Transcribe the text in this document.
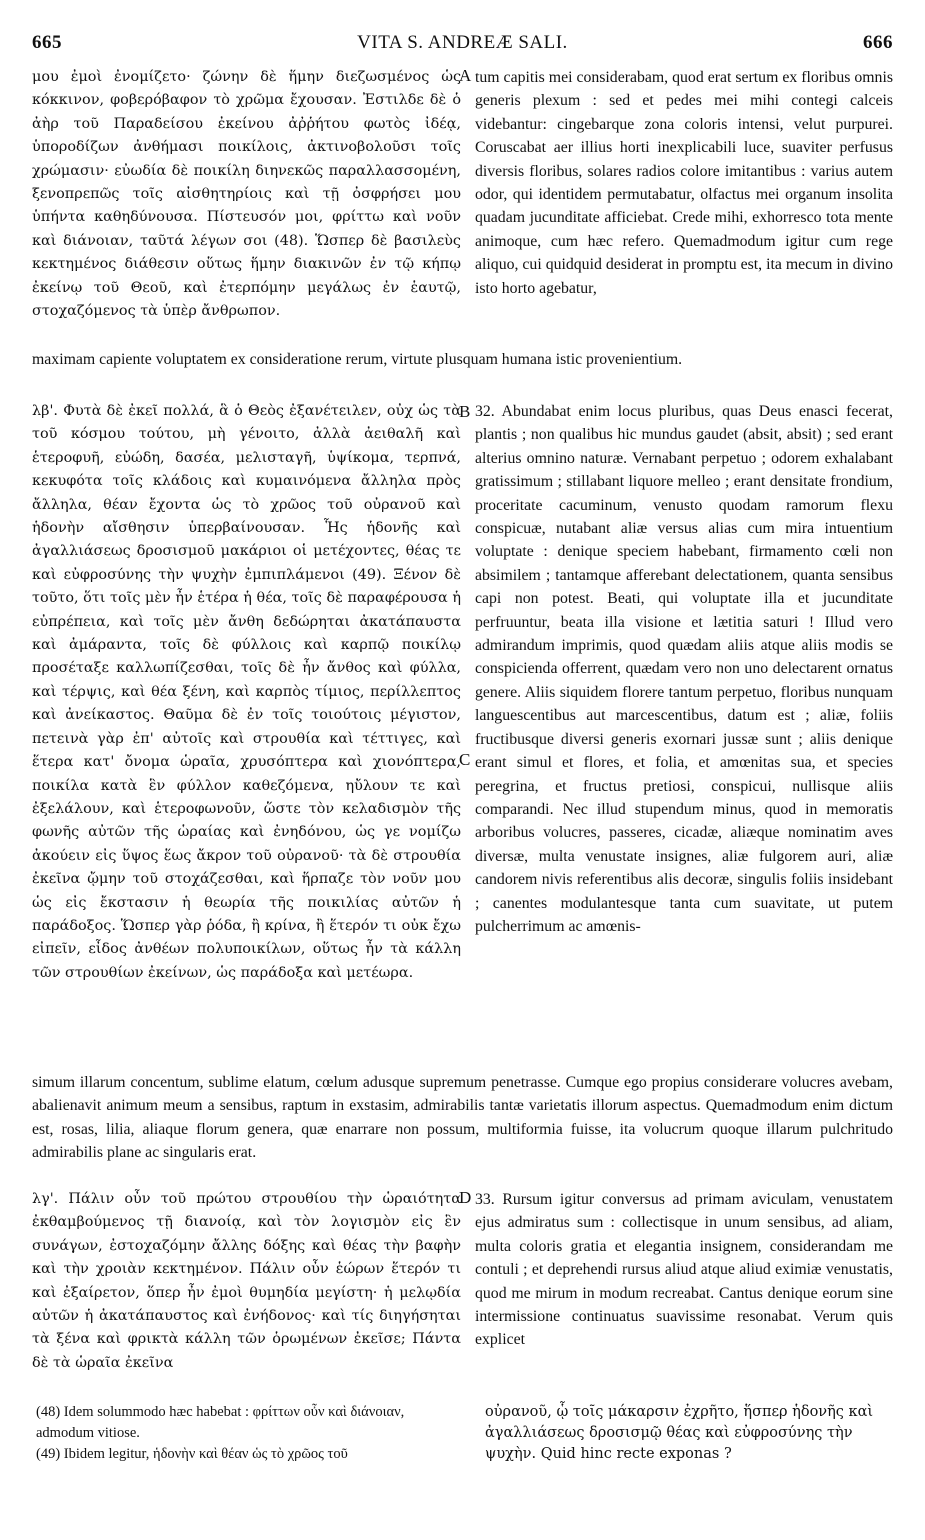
665	VITA S. ANDREÆ SALI.	666

μου ἐμοὶ ἐνομίζετο· ζώνην δὲ ἥμην διεζωσμένος ὡς κόκκινον, φοβερόβαφον τὸ χρῶμα ἔχουσαν. Ἐστιλδε δὲ ὁ ἀὴρ τοῦ Παραδείσου ἐκείνου ἀῤῥήτου φωτὸς ἰδέᾳ, ὑποροδίζων ἀνθήμασι ποικίλοις, ἀκτινοβολοῦσι τοῖς χρώμασιν· εὐωδία δὲ ποικίλη διηνεκῶς παραλλασσομένη, ξενοπρεπῶς τοῖς αἰσθητηρίοις καὶ τῇ ὀσφρήσει μου ὑπήντα καθηδύνουσα. Πίστευσόν μοι, φρίττω καὶ νοῦν καὶ διάνοιαν, ταῦτά λέγων σοι (48). Ὥσπερ δὲ βασιλεὺς κεκτημένος διάθεσιν οὕτως ἥμην διακινῶν ἐν τῷ κήπῳ ἐκείνῳ τοῦ Θεοῦ, καὶ ἐτερπόμην μεγάλως ἐν ἑαυτῷ, στοχαζόμενος τὰ ὑπὲρ ἄνθρωπον.

A tum capitis mei considerabam, quod erat sertum ex floribus omnis generis plexum : sed et pedes mei mihi contegi calceis videbantur: cingebarque zona coloris intensi, velut purpurei. Coruscabat aer illius horti inexplicabili luce, suaviter perfusus diversis floribus, solares radios colore imitantibus : varius autem odor, qui identidem permutabatur, olfactus mei organum insolita quadam jucunditate afficiebat. Crede mihi, exhorresco tota mente animoque, cum hæc refero. Quemadmodum igitur cum rege aliquo, cui quidquid desiderat in promptu est, ita mecum in divino isto horto agebatur,

maximam capiente voluptatem ex consideratione rerum, virtute plusquam humana istic provenientium.

λβ'. Φυτὰ δὲ ἐκεῖ πολλά, ἃ ὁ Θεὸς ἐξανέτειλεν, οὐχ ὡς τὰ τοῦ κόσμου τούτου, μὴ γένοιτο, ἀλλὰ ἀειθαλῆ καὶ ἑτεροφυῆ, εὐώδη, δασέα, μελισταγῆ, ὑψίκομα, τερπνά, κεκυφότα τοῖς κλάδοις καὶ κυμαινόμενα ἄλληλα πρὸς ἄλληλα, θέαν ἔχοντα ὡς τὸ χρῶος τοῦ οὐρανοῦ καὶ ἡδονὴν αἴσθησιν ὑπερβαίνουσαν. Ἧς ἡδονῆς καὶ ἀγαλλιάσεως δροσισμοῦ μακάριοι οἱ μετέχοντες, θέας τε καὶ εὐφροσύνης τὴν ψυχὴν ἐμπιπλάμενοι (49). Ξένον δὲ τοῦτο, ὅτι τοῖς μὲν ἦν ἑτέρα ἡ θέα, τοῖς δὲ παραφέρουσα ἡ εὐπρέπεια, καὶ τοῖς μὲν ἄνθη δεδώρηται ἀκατάπαυστα καὶ ἀμάραντα, τοῖς δὲ φύλλοις καὶ καρπῷ ποικίλῳ προσέταξε καλλωπίζεσθαι, τοῖς δὲ ἦν ἄνθος καὶ φύλλα, καὶ τέρψις, καὶ θέα ξένη, καὶ καρπὸς τίμιος, περίλλεπτος καὶ ἀνείκαστος. Θαῦμα δὲ ἐν τοῖς τοιούτοις μέγιστον, πετεινὰ γὰρ ἐπ' αὐτοῖς καὶ στρουθία καὶ τέττιγες, καὶ ἕτερα κατ' ὄνομα ὡραῖα, χρυσόπτερα καὶ χιονόπτερα, ποικίλα κατὰ ἓν φύλλον καθεζόμενα, ηὔλουν τε καὶ ἐξελάλουν, καὶ ἑτεροφωνοῦν, ὥστε τὸν κελαδισμὸν τῆς φωνῆς αὐτῶν τῆς ὡραίας καὶ ἐνηδόνου, ὡς γε νομίζω ἀκούειν εἰς ὕψος ἕως ἄκρον τοῦ οὐρανοῦ· τὰ δὲ στρουθία ἐκεῖνα ᾤμην τοῦ στοχάζεσθαι, καὶ ἥρπαζε τὸν νοῦν μου ὡς εἰς ἔκστασιν ἡ θεωρία τῆς ποικιλίας αὐτῶν ἡ παράδοξος. Ὥσπερ γὰρ ῥόδα, ἢ κρίνα, ἢ ἕτερόν τι οὐκ ἔχω εἰπεῖν, εἶδος ἀνθέων πολυποικίλων, οὕτως ἦν τὰ κάλλη τῶν στρουθίων ἐκείνων, ὡς παράδοξα καὶ μετέωρα.

B
C

32. Abundabat enim locus pluribus, quas Deus enasci fecerat, plantis ; non qualibus hic mundus gaudet (absit, absit) ; sed erant alterius omnino naturæ. Vernabant perpetuo ; odorem exhalabant gratissimum ; stillabant liquore melleo ; erant densitate frondium, proceritate cacuminum, venusto quodam ramorum flexu conspicuæ, nutabant aliæ versus alias cum mira intuentium voluptate : denique speciem habebant, firmamento cœli non absimilem ; tantamque afferebant delectationem, quanta sensibus capi non potest. Beati, qui voluptate illa et jucunditate perfruuntur, beata illa visione et lætitia saturi ! Illud vero admirandum imprimis, quod quædam aliis atque aliis modis se conspicienda offerrent, quædam vero non uno delectarent ornatus genere. Aliis siquidem florere tantum perpetuo, floribus nunquam languescentibus aut marcescentibus, datum est ; aliæ, foliis fructibusque diversi generis exornari jussæ sunt ; aliis denique erant simul et flores, et folia, et amœnitas sua, et species peregrina, et fructus pretiosi, conspicui, nullisque aliis comparandi. Nec illud stupendum minus, quod in memoratis arboribus volucres, passeres, cicadæ, aliæque nominatim aves diversæ, multa venustate insignes, aliæ fulgorem auri, aliæ candorem nivis referentibus alis decoræ, singulis foliis insidebant ; canentes modulantesque tanta cum suavitate, ut putem pulcherrimum ac amœnis-

simum illarum concentum, sublime elatum, cœlum adusque supremum penetrasse. Cumque ego propius considerare volucres avebam, abalienavit animum meum a sensibus, raptum in exstasim, admirabilis tantæ varietatis illorum aspectus. Quemadmodum enim dictum est, rosas, lilia, aliaque florum genera, quæ enarrare non possum, multiformia fuisse, ita volucrum quoque illarum pulchritudo admirabilis plane ac singularis erat.

λγ'. Πάλιν οὖν τοῦ πρώτου στρουθίου τὴν ὡραιότητα ἐκθαμβούμενος τῇ διανοίᾳ, καὶ τὸν λογισμὸν εἰς ἓν συνάγων, ἐστοχαζόμην ἄλλης δόξης καὶ θέας τὴν βαφὴν καὶ τὴν χροιὰν κεκτημένον. Πάλιν οὖν ἑώρων ἕτερόν τι καὶ ἐξαίρετον, ὅπερ ἦν ἐμοὶ θυμηδία μεγίστη· ἡ μελῳδία αὐτῶν ἡ ἀκατάπαυστος καὶ ἐνήδονος· καὶ τίς διηγήσηται τὰ ξένα καὶ φρικτὰ κάλλη τῶν ὁρωμένων ἐκεῖσε; Πάντα δὲ τὰ ὡραῖα ἐκεῖνα

D 33. Rursum igitur conversus ad primam aviculam, venustatem ejus admiratus sum : collectisque in unum sensibus, ad aliam, multa coloris gratia et elegantia insignem, considerandam me contuli ; et deprehendi rursus aliud atque aliud eximiæ venustatis, quod me mirum in modum recreabat. Cantus denique eorum sine intermissione continuatus suavissime resonabat. Verum quis explicet

(48) Idem solummodo hæc habebat : φρίττων οὖν καὶ διάνοιαν, admodum vitiose.

(49) Ibidem legitur, ἡδονὴν καὶ θέαν ὡς τὸ χρῶος τοῦ

οὐρανοῦ, ᾧ τοῖς μάκαρσιν ἐχρῆτο, ἥσπερ ἡδονῆς καὶ ἀγαλλιάσεως δροσισμῷ θέας καὶ εὐφροσύνης τὴν ψυχὴν. Quid hinc recte exponas ?
